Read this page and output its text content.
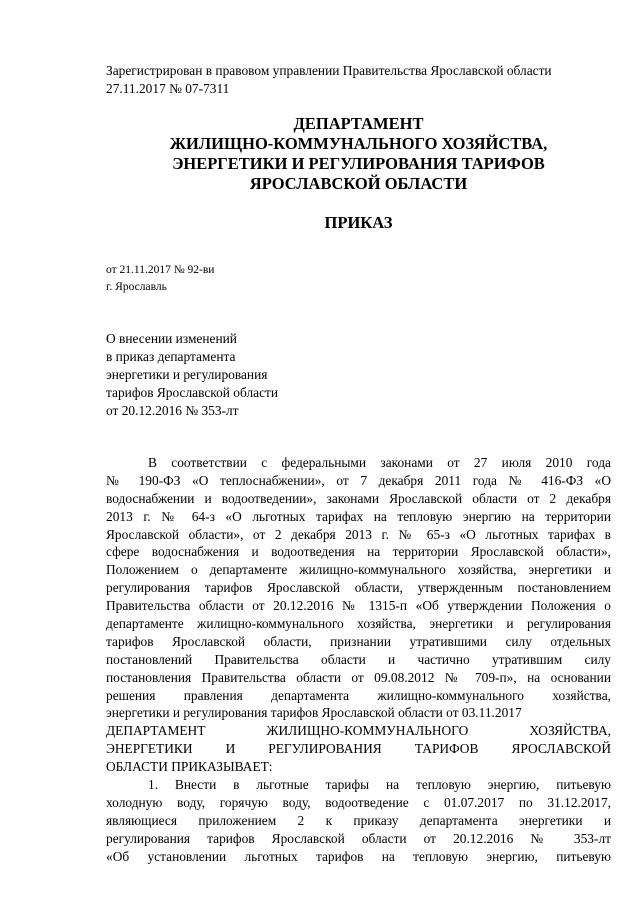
Зарегистрирован в правовом управлении Правительства Ярославской области
27.11.2017 № 07-7311
ДЕПАРТАМЕНТ
ЖИЛИЩНО-КОММУНАЛЬНОГО ХОЗЯЙСТВА,
ЭНЕРГЕТИКИ И РЕГУЛИРОВАНИЯ ТАРИФОВ
ЯРОСЛАВСКОЙ ОБЛАСТИ
ПРИКАЗ
от 21.11.2017 № 92-ви
г. Ярославль
О внесении изменений
в приказ департамента
энергетики и регулирования
тарифов Ярославской области
от 20.12.2016 № 353-лт
В соответствии с федеральными законами от 27 июля 2010 года
№ 190-ФЗ «О теплоснабжении», от 7 декабря 2011 года № 416-ФЗ «О
водоснабжении и водоотведении», законами Ярославской области от 2 декабря
2013 г. № 64-з «О льготных тарифах на тепловую энергию на территории
Ярославской области», от 2 декабря 2013 г. № 65-з «О льготных тарифах в
сфере водоснабжения и водоотведения на территории Ярославской области»,
Положением о департаменте жилищно-коммунального хозяйства, энергетики и
регулирования тарифов Ярославской области, утвержденным постановлением
Правительства области от 20.12.2016 № 1315-п «Об утверждении Положения о
департаменте жилищно-коммунального хозяйства, энергетики и регулирования
тарифов Ярославской области, признании утратившими силу отдельных
постановлений Правительства области и частично утратившим силу
постановления Правительства области от 09.08.2012 № 709-п», на основании
решения правления департамента жилищно-коммунального хозяйства,
энергетики и регулирования тарифов Ярославской области от 03.11.2017
ДЕПАРТАМЕНТ ЖИЛИЩНО-КОММУНАЛЬНОГО ХОЗЯЙСТВА,
ЭНЕРГЕТИКИ И РЕГУЛИРОВАНИЯ ТАРИФОВ ЯРОСЛАВСКОЙ
ОБЛАСТИ ПРИКАЗЫВАЕТ:
1. Внести в льготные тарифы на тепловую энергию, питьевую
холодную воду, горячую воду, водоотведение с 01.07.2017 по 31.12.2017,
являющиеся приложением 2 к приказу департамента энергетики и
регулирования тарифов Ярославской области от 20.12.2016 № 353-лт
«Об установлении льготных тарифов на тепловую энергию, питьевую
